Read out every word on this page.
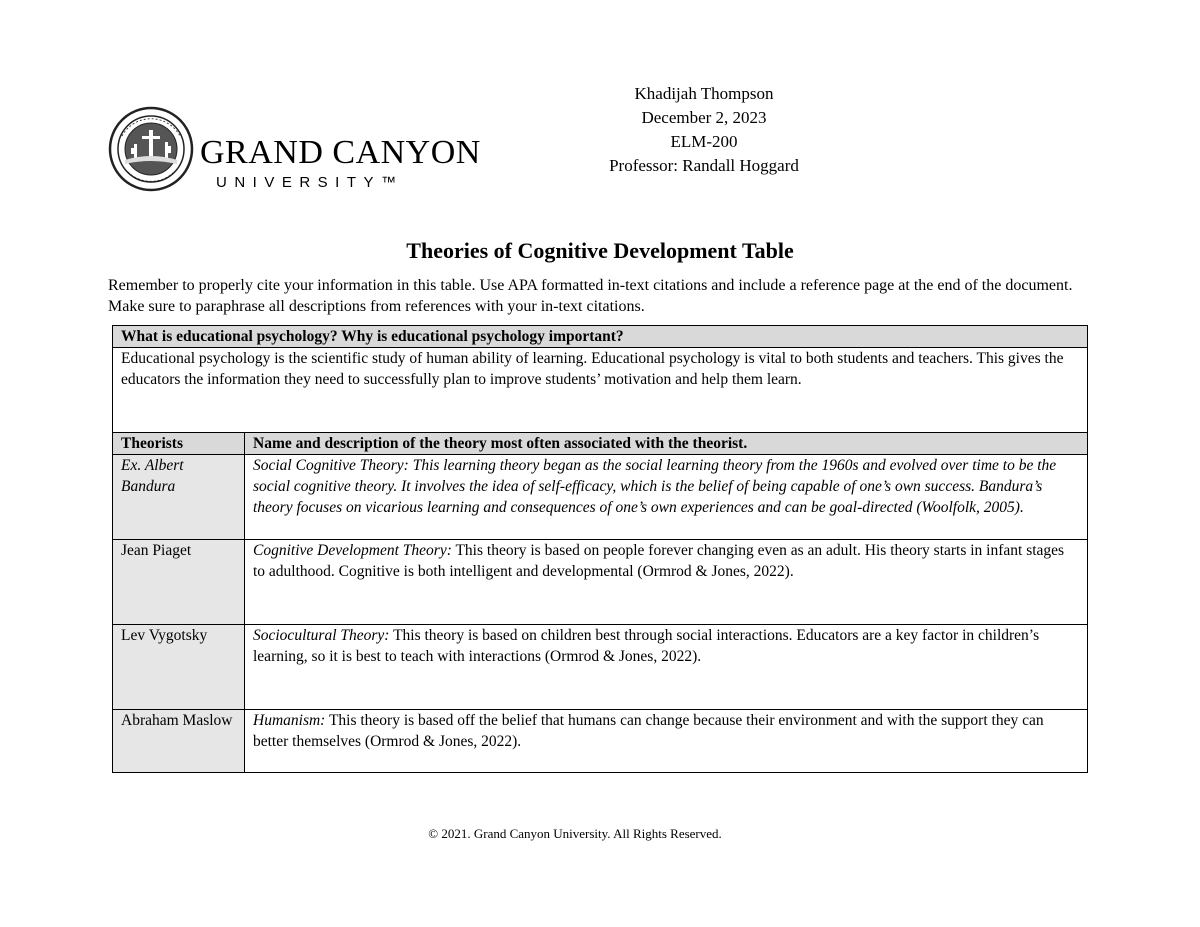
GRAND CANYON
UNIVERSITY™
Khadijah Thompson
December 2, 2023
ELM-200
Professor: Randall Hoggard
Theories of Cognitive Development Table
Remember to properly cite your information in this table. Use APA formatted in-text citations and include a reference page at the end of the document. Make sure to paraphrase all descriptions from references with your in-text citations.
What is educational psychology? Why is educational psychology important?	
Educational psychology is the scientific study of human ability of learning. Educational psychology is vital to both students and teachers. This gives the educators the information they need to successfully plan to improve students’ motivation and help them learn.	
Theorists	Name and description of the theory most often associated with the theorist.
Ex. Albert Bandura	Social Cognitive Theory: This learning theory began as the social learning theory from the 1960s and evolved over time to be the social cognitive theory. It involves the idea of self-efficacy, which is the belief of being capable of one’s own success. Bandura’s theory focuses on vicarious learning and consequences of one’s own experiences and can be goal-directed (Woolfolk, 2005).
Jean Piaget	Cognitive Development Theory: This theory is based on people forever changing even as an adult. His theory starts in infant stages to adulthood. Cognitive is both intelligent and developmental (Ormrod & Jones, 2022).
Lev Vygotsky	Sociocultural Theory: This theory is based on children best through social interactions. Educators are a key factor in children’s learning, so it is best to teach with interactions (Ormrod & Jones, 2022).
Abraham Maslow	Humanism: This theory is based off the belief that humans can change because their environment and with the support they can better themselves (Ormrod & Jones, 2022).
© 2021. Grand Canyon University. All Rights Reserved.
